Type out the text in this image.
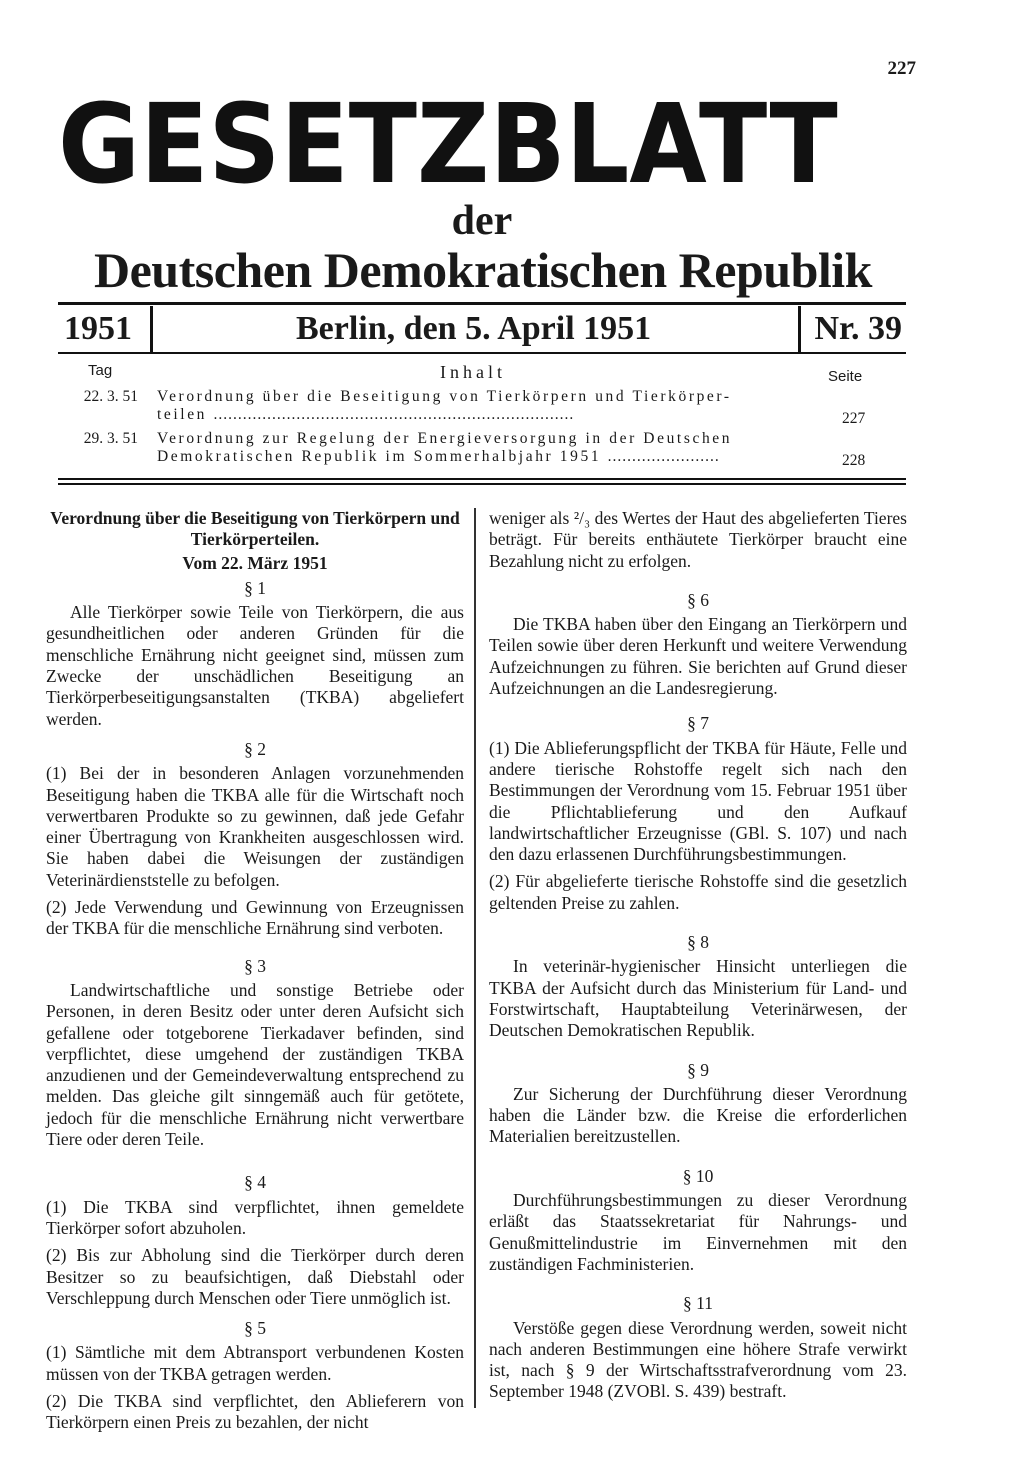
227
GESETZBLATT
der
Deutschen Demokratischen Republik
1951	Berlin, den 5. April 1951	Nr. 39
Tag	Inhalt	Seite
22. 3. 51 Verordnung über die Beseitigung von Tierkörpern und Tierkörper-
teilen ..........................................................................	227
29. 3. 51 Verordnung zur Regelung der Energieversorgung in der Deutschen
Demokratischen Republik im Sommerhalbjahr 1951 .......................	228
Verordnung über die Beseitigung von Tierkörpern und Tierkörperteilen.
Vom 22. März 1951
§ 1

Alle Tierkörper sowie Teile von Tierkörpern, die aus gesundheitlichen oder anderen Gründen für die menschliche Ernährung nicht geeignet sind, müssen zum Zwecke der unschädlichen Beseitigung an Tierkörperbeseitigungsanstalten (TKBA) abgeliefert werden.

§ 2

(1) Bei der in besonderen Anlagen vorzunehmenden Beseitigung haben die TKBA alle für die Wirtschaft noch verwertbaren Produkte so zu gewinnen, daß jede Gefahr einer Übertragung von Krankheiten ausgeschlossen wird. Sie haben dabei die Weisungen der zuständigen Veterinärdienststelle zu befolgen.

(2) Jede Verwendung und Gewinnung von Erzeugnissen der TKBA für die menschliche Ernährung sind verboten.

§ 3

Landwirtschaftliche und sonstige Betriebe oder Personen, in deren Besitz oder unter deren Aufsicht sich gefallene oder totgeborene Tierkadaver befinden, sind verpflichtet, diese umgehend der zuständigen TKBA anzudienen und der Gemeindeverwaltung entsprechend zu melden. Das gleiche gilt sinngemäß auch für getötete, jedoch für die menschliche Ernährung nicht verwertbare Tiere oder deren Teile.

§ 4

(1) Die TKBA sind verpflichtet, ihnen gemeldete Tierkörper sofort abzuholen.

(2) Bis zur Abholung sind die Tierkörper durch deren Besitzer so zu beaufsichtigen, daß Diebstahl oder Verschleppung durch Menschen oder Tiere unmöglich ist.

§ 5

(1) Sämtliche mit dem Abtransport verbundenen Kosten müssen von der TKBA getragen werden.

(2) Die TKBA sind verpflichtet, den Ablieferern von Tierkörpern einen Preis zu bezahlen, der nicht

weniger als ²/₃ des Wertes der Haut des abgelieferten Tieres beträgt. Für bereits enthäutete Tierkörper braucht eine Bezahlung nicht zu erfolgen.

§ 6

Die TKBA haben über den Eingang an Tierkörpern und Teilen sowie über deren Herkunft und weitere Verwendung Aufzeichnungen zu führen. Sie berichten auf Grund dieser Aufzeichnungen an die Landesregierung.

§ 7

(1) Die Ablieferungspflicht der TKBA für Häute, Felle und andere tierische Rohstoffe regelt sich nach den Bestimmungen der Verordnung vom 15. Februar 1951 über die Pflichtablieferung und den Aufkauf landwirtschaftlicher Erzeugnisse (GBl. S. 107) und nach den dazu erlassenen Durchführungsbestimmungen.

(2) Für abgelieferte tierische Rohstoffe sind die gesetzlich geltenden Preise zu zahlen.

§ 8

In veterinär-hygienischer Hinsicht unterliegen die TKBA der Aufsicht durch das Ministerium für Land- und Forstwirtschaft, Hauptabteilung Veterinärwesen, der Deutschen Demokratischen Republik.

§ 9

Zur Sicherung der Durchführung dieser Verordnung haben die Länder bzw. die Kreise die erforderlichen Materialien bereitzustellen.

§ 10

Durchführungsbestimmungen zu dieser Verordnung erläßt das Staatssekretariat für Nahrungs- und Genußmittelindustrie im Einvernehmen mit den zuständigen Fachministerien.

§ 11

Verstöße gegen diese Verordnung werden, soweit nicht nach anderen Bestimmungen eine höhere Strafe verwirkt ist, nach § 9 der Wirtschaftsstrafverordnung vom 23. September 1948 (ZVOBl. S. 439) bestraft.
